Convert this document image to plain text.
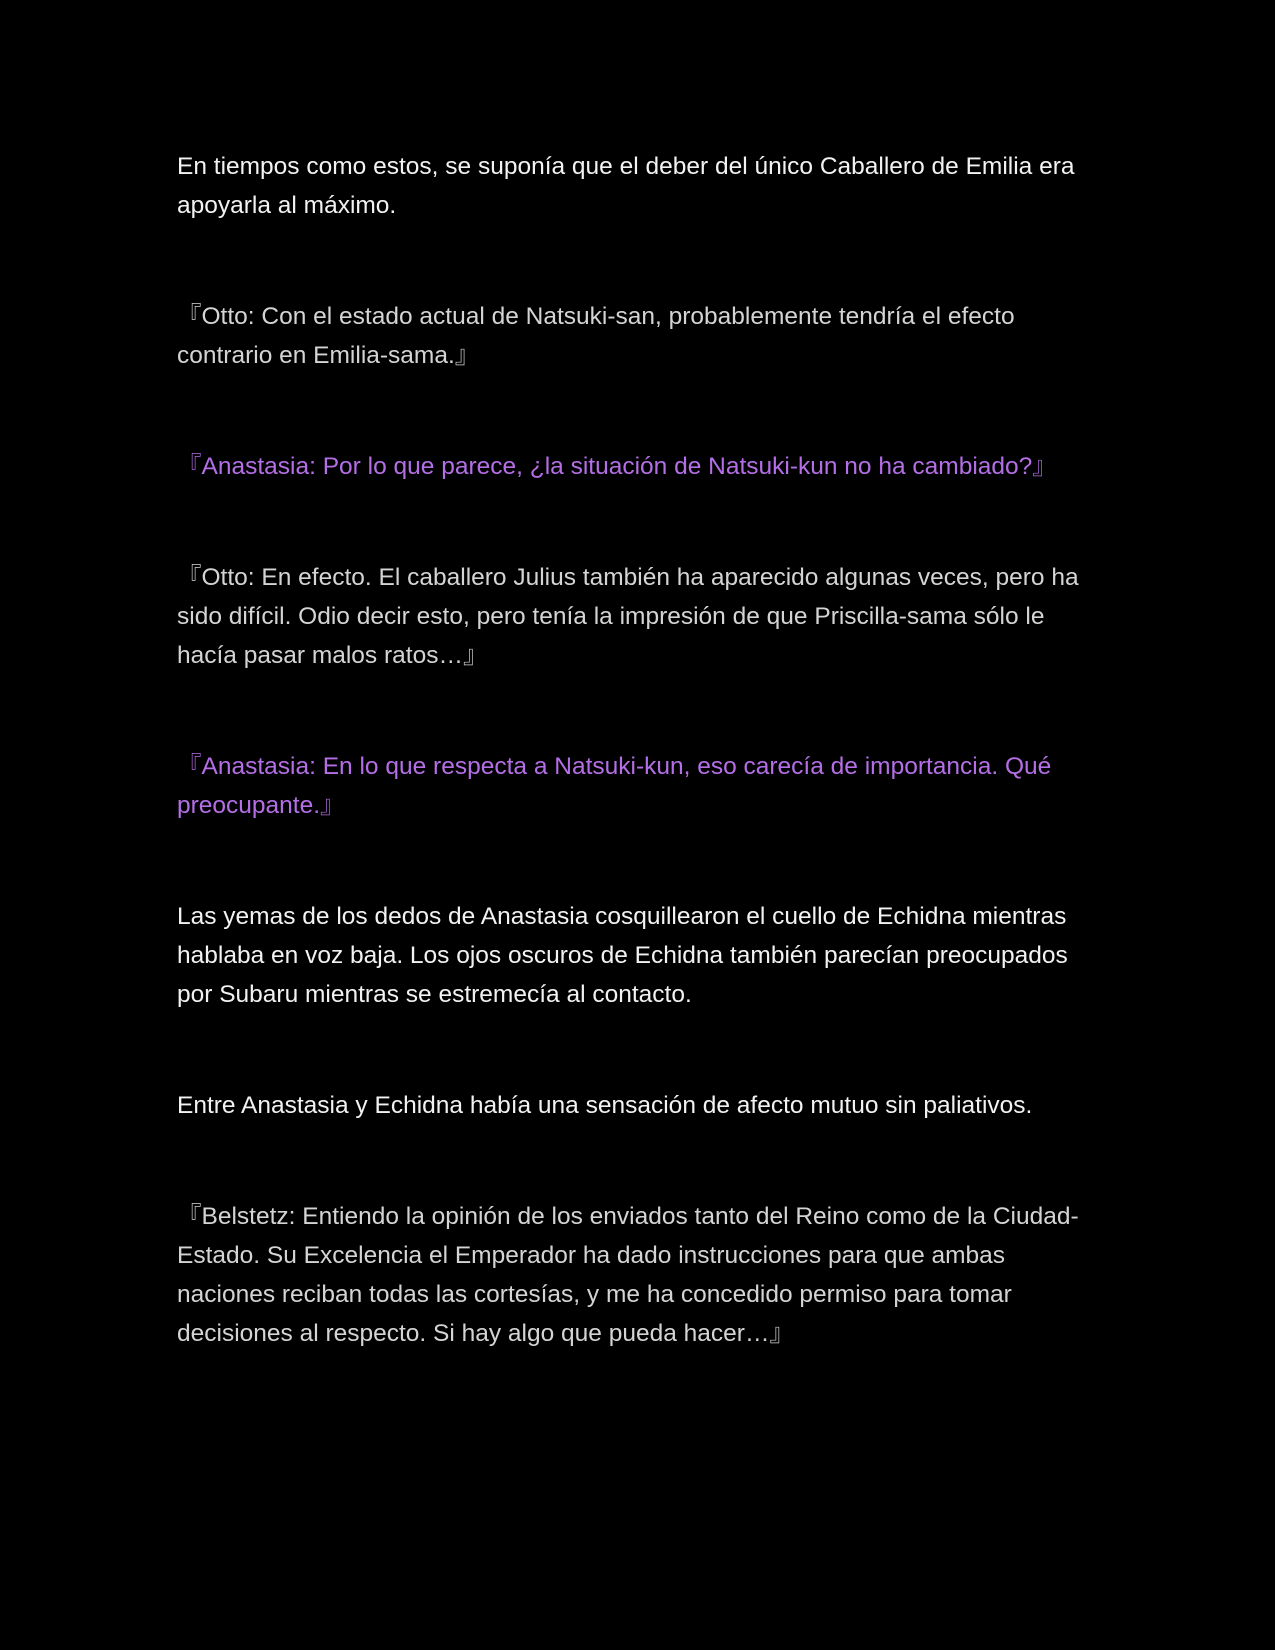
En tiempos como estos, se suponía que el deber del único Caballero de Emilia era apoyarla al máximo.

『Otto: Con el estado actual de Natsuki-san, probablemente tendría el efecto contrario en Emilia-sama.』

『Anastasia: Por lo que parece, ¿la situación de Natsuki-kun no ha cambiado?』

『Otto: En efecto. El caballero Julius también ha aparecido algunas veces, pero ha sido difícil. Odio decir esto, pero tenía la impresión de que Priscilla-sama sólo le hacía pasar malos ratos…』

『Anastasia: En lo que respecta a Natsuki-kun, eso carecía de importancia. Qué preocupante.』

Las yemas de los dedos de Anastasia cosquillearon el cuello de Echidna mientras hablaba en voz baja. Los ojos oscuros de Echidna también parecían preocupados por Subaru mientras se estremecía al contacto.

Entre Anastasia y Echidna había una sensación de afecto mutuo sin paliativos.

『Belstetz: Entiendo la opinión de los enviados tanto del Reino como de la Ciudad-Estado. Su Excelencia el Emperador ha dado instrucciones para que ambas naciones reciban todas las cortesías, y me ha concedido permiso para tomar decisiones al respecto. Si hay algo que pueda hacer…』
